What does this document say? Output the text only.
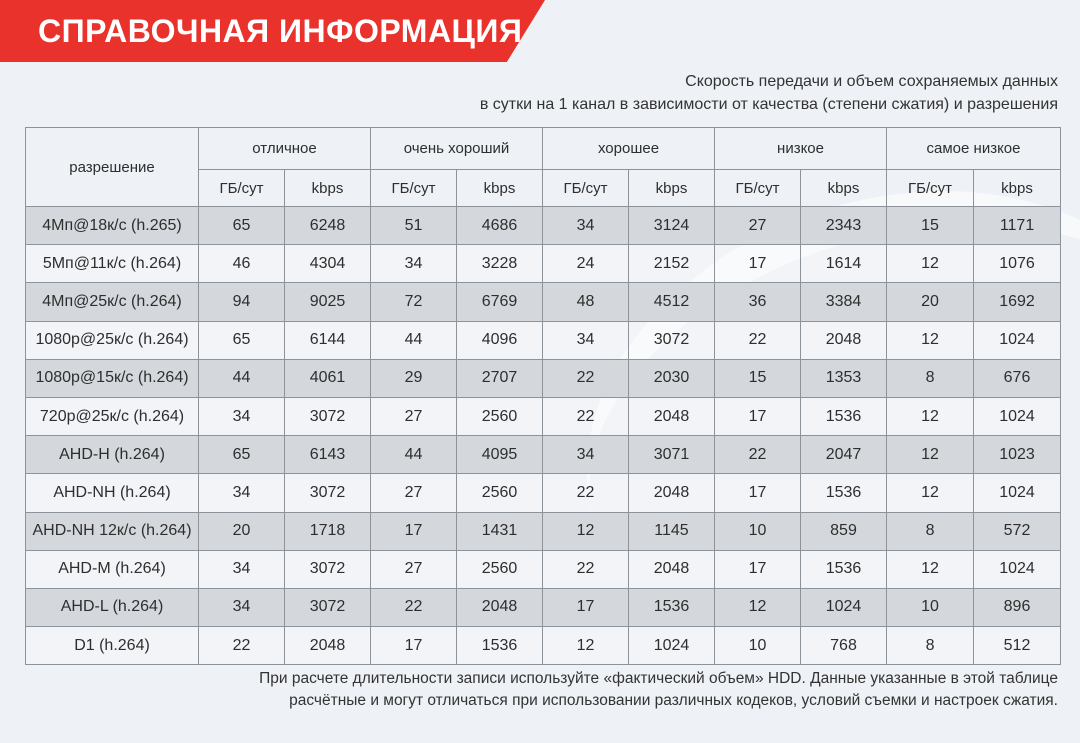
СПРАВОЧНАЯ ИНФОРМАЦИЯ
Скорость передачи и объем сохраняемых данных
в сутки на 1 канал в зависимости от качества (степени сжатия) и разрешения
разрешение	отличное		очень хороший		хорошее		низкое		самое низкое	
	ГБ/сут	kbps	ГБ/сут	kbps	ГБ/сут	kbps	ГБ/сут	kbps	ГБ/сут	kbps
4Мп@18к/с (h.265)	65	6248	51	4686	34	3124	27	2343	15	1171
5Мп@11к/с (h.264)	46	4304	34	3228	24	2152	17	1614	12	1076
4Мп@25к/с (h.264)	94	9025	72	6769	48	4512	36	3384	20	1692
1080p@25к/с (h.264)	65	6144	44	4096	34	3072	22	2048	12	1024
1080p@15к/с (h.264)	44	4061	29	2707	22	2030	15	1353	8	676
720p@25к/с (h.264)	34	3072	27	2560	22	2048	17	1536	12	1024
AHD-H (h.264)	65	6143	44	4095	34	3071	22	2047	12	1023
AHD-NH (h.264)	34	3072	27	2560	22	2048	17	1536	12	1024
AHD-NH 12к/с (h.264)	20	1718	17	1431	12	1145	10	859	8	572
AHD-M (h.264)	34	3072	27	2560	22	2048	17	1536	12	1024
AHD-L (h.264)	34	3072	22	2048	17	1536	12	1024	10	896
D1 (h.264)	22	2048	17	1536	12	1024	10	768	8	512
При расчете длительности записи используйте «фактический объем» HDD. Данные указанные в этой таблице
расчётные и могут отличаться при использовании различных кодеков, условий съемки и настроек сжатия.
